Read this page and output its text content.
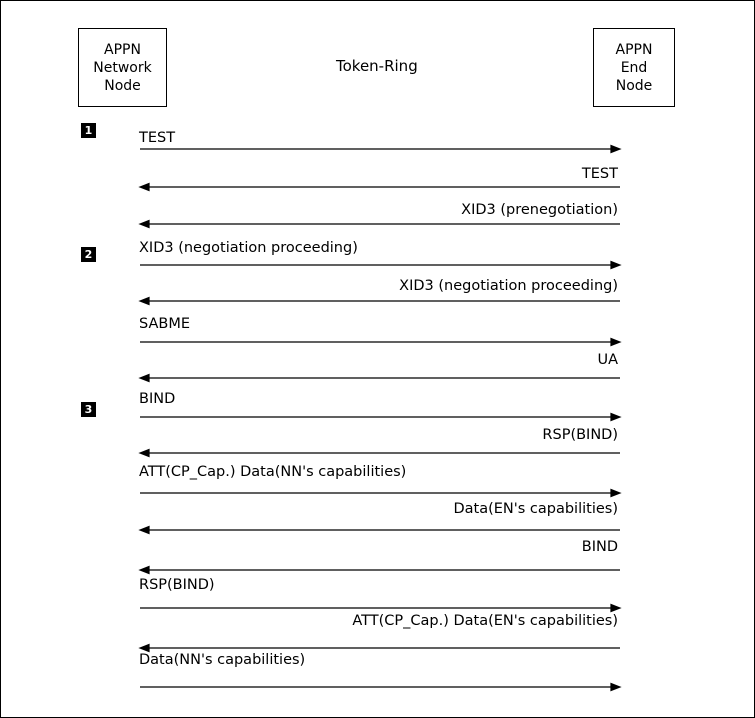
APPN
Network
Node
Token-Ring
APPN
End
Node
1
2
3
TEST
TEST
XID3 (prenegotiation)
XID3 (negotiation proceeding)
XID3 (negotiation proceeding)
SABME
UA
BIND
RSP(BIND)
ATT(CP_Cap.) Data(NN's capabilities)
Data(EN's capabilities)
BIND
RSP(BIND)
ATT(CP_Cap.) Data(EN's capabilities)
Data(NN's capabilities)
